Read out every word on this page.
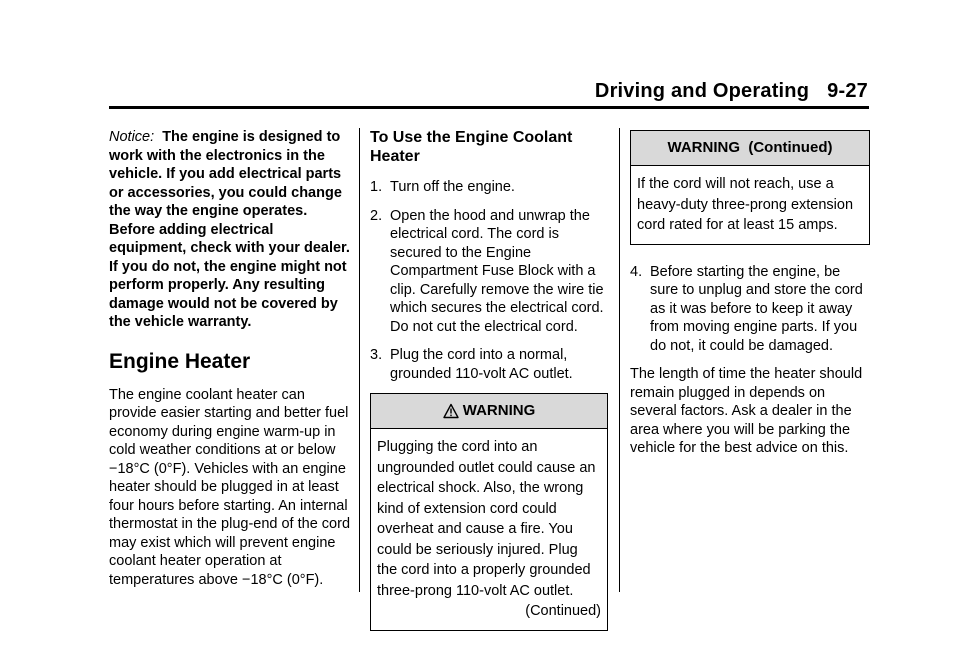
Driving and Operating 9-27

Notice: The engine is designed to work with the electronics in the vehicle. If you add electrical parts or accessories, you could change the way the engine operates. Before adding electrical equipment, check with your dealer. If you do not, the engine might not perform properly. Any resulting damage would not be covered by the vehicle warranty.

Engine Heater

The engine coolant heater can provide easier starting and better fuel economy during engine warm-up in cold weather conditions at or below −18°C (0°F). Vehicles with an engine heater should be plugged in at least four hours before starting. An internal thermostat in the plug-end of the cord may exist which will prevent engine coolant heater operation at temperatures above −18°C (0°F).

To Use the Engine Coolant Heater
1. Turn off the engine.
2. Open the hood and unwrap the electrical cord. The cord is secured to the Engine Compartment Fuse Block with a clip. Carefully remove the wire tie which secures the electrical cord. Do not cut the electrical cord.
3. Plug the cord into a normal, grounded 110-volt AC outlet.
WARNING
Plugging the cord into an ungrounded outlet could cause an electrical shock. Also, the wrong kind of extension cord could overheat and cause a fire. You could be seriously injured. Plug the cord into a properly grounded three-prong 110-volt AC outlet.
(Continued)
WARNING  (Continued)
If the cord will not reach, use a heavy-duty three-prong extension cord rated for at least 15 amps.
4. Before starting the engine, be sure to unplug and store the cord as it was before to keep it away from moving engine parts. If you do not, it could be damaged.

The length of time the heater should remain plugged in depends on several factors. Ask a dealer in the area where you will be parking the vehicle for the best advice on this.
